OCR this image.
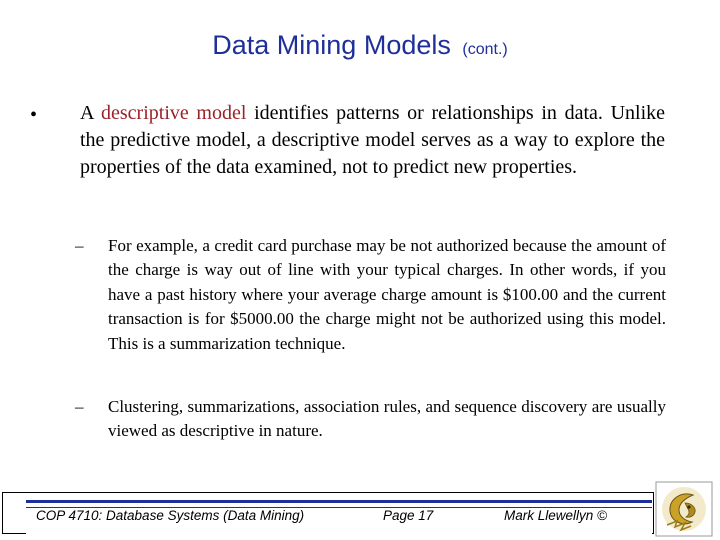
Data Mining Models (cont.)
• A descriptive model identifies patterns or relationships in data. Unlike the predictive model, a descriptive model serves as a way to explore the properties of the data examined, not to predict new properties.
– For example, a credit card purchase may be not authorized because the amount of the charge is way out of line with your typical charges. In other words, if you have a past history where your average charge amount is $100.00 and the current transaction is for $5000.00 the charge might not be authorized using this model. This is a summarization technique.
– Clustering, summarizations, association rules, and sequence discovery are usually viewed as descriptive in nature.
COP 4710: Database Systems (Data Mining)	Page 17	Mark Llewellyn ©
